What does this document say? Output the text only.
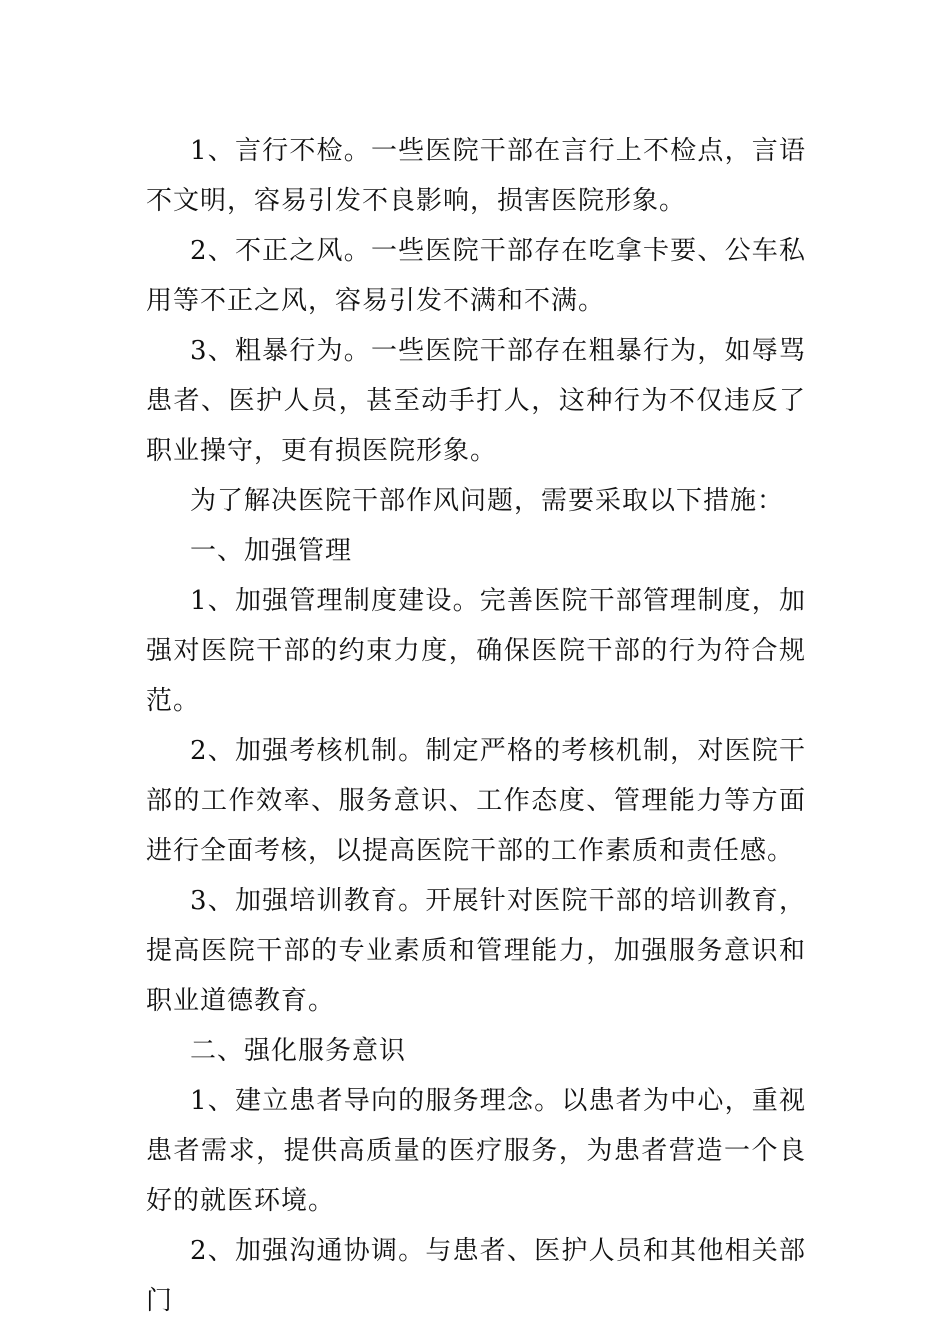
1、言行不检。一些医院干部在言行上不检点，言语不文明，容易引发不良影响，损害医院形象。

2、不正之风。一些医院干部存在吃拿卡要、公车私用等不正之风，容易引发不满和不满。

3、粗暴行为。一些医院干部存在粗暴行为，如辱骂患者、医护人员，甚至动手打人，这种行为不仅违反了职业操守，更有损医院形象。

为了解决医院干部作风问题，需要采取以下措施：

一、加强管理

1、加强管理制度建设。完善医院干部管理制度，加强对医院干部的约束力度，确保医院干部的行为符合规范。

2、加强考核机制。制定严格的考核机制，对医院干部的工作效率、服务意识、工作态度、管理能力等方面进行全面考核，以提高医院干部的工作素质和责任感。

3、加强培训教育。开展针对医院干部的培训教育，提高医院干部的专业素质和管理能力，加强服务意识和职业道德教育。

二、强化服务意识

1、建立患者导向的服务理念。以患者为中心，重视患者需求，提供高质量的医疗服务，为患者营造一个良好的就医环境。

2、加强沟通协调。与患者、医护人员和其他相关部门
